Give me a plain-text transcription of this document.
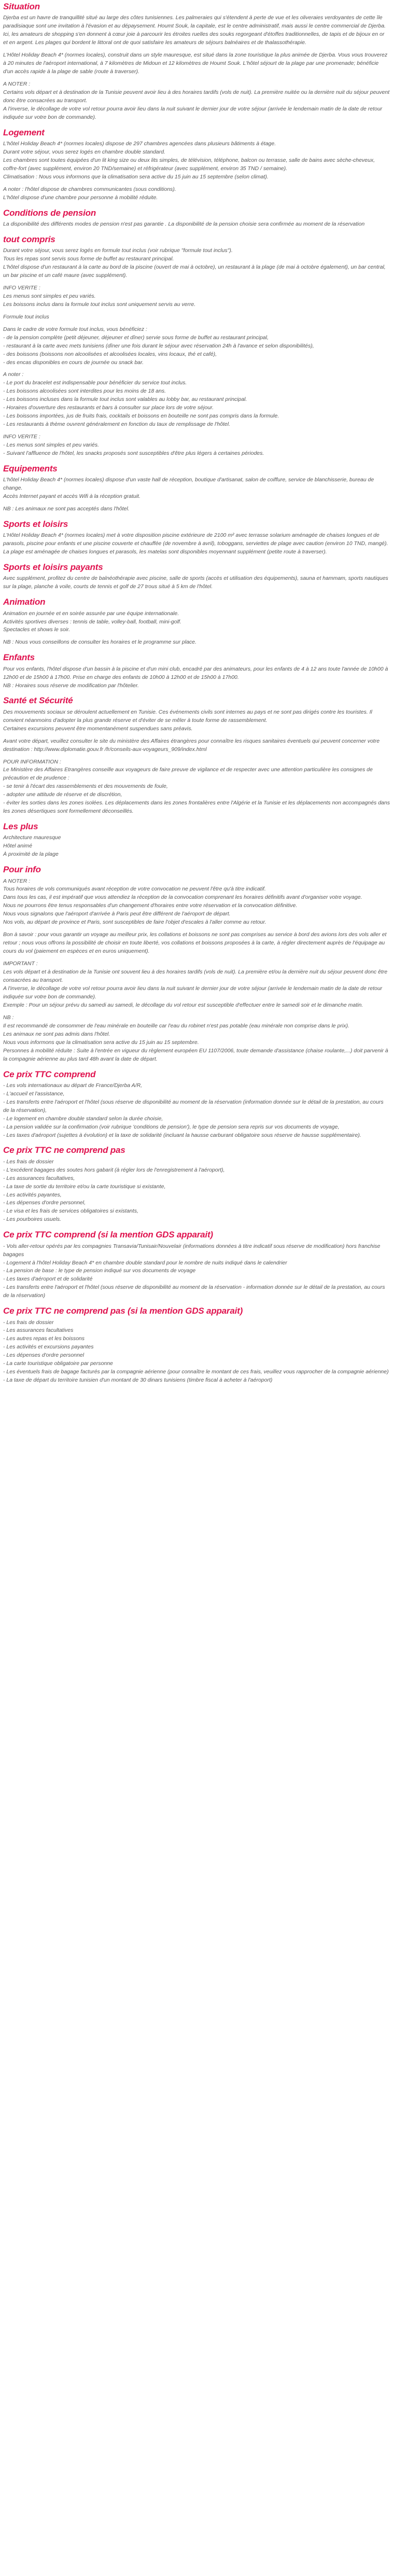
Situation

Djerba est un havre de tranquillité situé au large des côtes tunisiennes. Les palmeraies qui s'étendent à perte de vue et les oliveraies verdoyantes de cette île paradisiaque sont une invitation à l'évasion et au dépaysement. Houmt Souk, la capitale, est le centre administratif, mais aussi le centre commercial de Djerba. Ici, les amateurs de shopping s'en donnent à cœur joie à parcourir les étroites ruelles des souks regorgeant d'étoffes traditionnelles, de tapis et de bijoux en or et en argent. Les plages qui bordent le littoral ont de quoi satisfaire les amateurs de séjours balnéaires et de thalassothérapie.

L'Hôtel Holiday Beach 4* (normes locales), construit dans un style mauresque, est situé dans la zone touristique la plus animée de Djerba. Vous vous trouverez à 20 minutes de l'aéroport international, à 7 kilomètres de Midoun et 12 kilomètres de Houmt Souk. L'hôtel séjourt de la plage par une promenade; bénéficie d'un accès rapide à la plage de sable (route à traverser).

A NOTER :
Certains vols départ et à destination de la Tunisie peuvent avoir lieu à des horaires tardifs (vols de nuit). La première nuitée ou la dernière nuit du séjour peuvent donc être consacrées au transport.
A l'inverse, le décollage de votre vol retour pourra avoir lieu dans la nuit suivant le dernier jour de votre séjour (arrivée le lendemain matin de la date de retour indiquée sur votre bon de commande).

Logement

L'hôtel Holiday Beach 4* (normes locales) dispose de 297 chambres agencées dans plusieurs bâtiments à étage.
Durant votre séjour, vous serez logés en chambre double standard.
Les chambres sont toutes équipées d'un lit king size ou deux lits simples, de télévision, téléphone, balcon ou terrasse, salle de bains avec sèche-cheveux, coffre-fort (avec supplément, environ 20 TND/semaine) et réfrigérateur (avec supplément, environ 35 TND / semaine).
Climatisation : Nous vous informons que la climatisation sera active du 15 juin au 15 septembre (selon climat).

A noter : l'hôtel dispose de chambres communicantes (sous conditions).
L'hôtel dispose d'une chambre pour personne à mobilité réduite.

Conditions de pension

La disponibilité des différents modes de pension n'est pas garantie . La disponibilité de la pension choisie sera confirmée au moment de la réservation

tout compris

Durant votre séjour, vous serez logés en formule tout inclus (voir rubrique "formule tout inclus").
Tous les repas sont servis sous forme de buffet au restaurant principal.
L'hôtel dispose d'un restaurant à la carte au bord de la piscine (ouvert de mai à octobre), un restaurant à la plage (de mai à octobre également), un bar central, un bar piscine et un café maure (avec supplément).

INFO VERITE :
Les menus sont simples et peu variés.
Les boissons inclus dans la formule tout inclus sont uniquement servis au verre.

Formule tout inclus

Dans le cadre de votre formule tout inclus, vous bénéficiez :
- de la pension complète (petit déjeuner, déjeuner et dîner) servie sous forme de buffet au restaurant principal,
- restaurant à la carte avec mets tunisiens (dîner une fois durant le séjour avec réservation 24h à l'avance et selon disponibilités),
- des boissons (boissons non alcoolisées et alcoolisées locales, vins locaux, thé et café),
- des encas disponibles en cours de journée ou snack bar.

A noter :
- Le port du bracelet est indispensable pour bénéficier du service tout inclus.
- Les boissons alcoolisées sont interdites pour les moins de 18 ans.
- Les boissons incluses dans la formule tout inclus sont valables au lobby bar, au restaurant principal.
- Horaires d'ouverture des restaurants et bars à consulter sur place lors de votre séjour.
- Les boissons importées, jus de fruits frais, cocktails et boissons en bouteille ne sont pas compris dans la formule.
- Les restaurants à thème ouvrent généralement en fonction du taux de remplissage de l'hôtel.

INFO VERITE :
- Les menus sont simples et peu variés.
- Suivant l'affluence de l'hôtel, les snacks proposés sont susceptibles d'être plus légers à certaines périodes.

Equipements

L'hôtel Holiday Beach 4* (normes locales) dispose d'un vaste hall de réception, boutique d'artisanat, salon de coiffure, service de blanchisserie, bureau de change.
Accès Internet payant et accès Wifi à la réception gratuit.

NB : Les animaux ne sont pas acceptés dans l'hôtel.

Sports et loisirs

L'Hôtel Holiday Beach 4* (normes locales) met à votre disposition piscine extérieure de 2100 m² avec terrasse solarium aménagée de chaises longues et de parasols, piscine pour enfants et une piscine couverte et chauffée (de novembre à avril), toboggans, serviettes de plage avec caution (environ 10 TND, mangé).
La plage est aménagée de chaises longues et parasols, les matelas sont disponibles moyennant supplément (petite route à traverser).

Sports et loisirs payants

Avec supplément, profitez du centre de balnéothérapie avec piscine, salle de sports (accès et utilisation des équipements), sauna et hammam, sports nautiques sur la plage, planche à voile, courts de tennis et golf de 27 trous situé à 5 km de l'hôtel.

Animation

Animation en journée et en soirée assurée par une équipe internationale.
Activités sportives diverses : tennis de table, volley-ball, football, mini-golf.
Spectacles et shows le soir.

NB : Nous vous conseillons de consulter les horaires et le programme sur place.

Enfants

Pour vos enfants, l'hôtel dispose d'un bassin à la piscine et d'un mini club, encadré par des animateurs, pour les enfants de 4 à 12 ans toute l'année de 10h00 à 12h00 et de 15h00 à 17h00. Prise en charge des enfants de 10h00 à 12h00 et de 15h00 à 17h00.
NB : Horaires sous réserve de modification par l'hôtelier.

Santé et Sécurité

Des mouvements sociaux se déroulent actuellement en Tunisie. Ces événements civils sont internes au pays et ne sont pas dirigés contre les touristes. Il convient néanmoins d'adopter la plus grande réserve et d'éviter de se mêler à toute forme de rassemblement.
Certaines excursions peuvent être momentanément suspendues sans préavis.

Avant votre départ, veuillez consulter le site du ministère des Affaires étrangères pour connaître les risques sanitaires éventuels qui peuvent concerner votre destination : http://www.diplomatie.gouv.fr /fr/conseils-aux-voyageurs_909/index.html

POUR INFORMATION :
Le Ministère des Affaires Etrangères conseille aux voyageurs de faire preuve de vigilance et de respecter avec une attention particulière les consignes de précaution et de prudence :
- se tenir à l'écart des rassemblements et des mouvements de foule,
- adopter une attitude de réserve et de discrétion,
- éviter les sorties dans les zones isolées. Les déplacements dans les zones frontalières entre l'Algérie et la Tunisie et les déplacements non accompagnés dans les zones désertiques sont formellement déconseillés.

Les plus

Architecture mauresque
Hôtel animé
À proximité de la plage

Pour info

A NOTER :
Tous horaires de vols communiqués avant réception de votre convocation ne peuvent l'être qu'à titre indicatif.
Dans tous les cas, il est impératif que vous attendiez la réception de la convocation comprenant les horaires définitifs avant d'organiser votre voyage.
Nous ne pourrons être tenus responsables d'un changement d'horaires entre votre réservation et la convocation définitive.
Nous vous signalons que l'aéroport d'arrivée à Paris peut être différent de l'aéroport de départ.
Nos vols, au départ de province et Paris, sont susceptibles de faire l'objet d'escales à l'aller comme au retour.

Bon à savoir : pour vous garantir un voyage au meilleur prix, les collations et boissons ne sont pas comprises au service à bord des avions lors des vols aller et retour ; nous vous offrons la possibilité de choisir en toute liberté, vos collations et boissons proposées à la carte, à régler directement auprès de l'équipage au cours du vol (paiement en espèces et en euros uniquement).

IMPORTANT :
Les vols départ et à destination de la Tunisie ont souvent lieu à des horaires tardifs (vols de nuit). La première et/ou la dernière nuit du séjour peuvent donc être consacrées au transport.
A l'inverse, le décollage de votre vol retour pourra avoir lieu dans la nuit suivant le dernier jour de votre séjour (arrivée le lendemain matin de la date de retour indiquée sur votre bon de commande).
Exemple : Pour un séjour prévu du samedi au samedi, le décollage du vol retour est susceptible d'effectuer entre le samedi soir et le dimanche matin.

NB :
Il est recommandé de consommer de l'eau minérale en bouteille car l'eau du robinet n'est pas potable (eau minérale non comprise dans le prix).
Les animaux ne sont pas admis dans l'hôtel.
Nous vous informons que la climatisation sera active du 15 juin au 15 septembre.
Personnes à mobilité réduite : Suite à l'entrée en vigueur du règlement européen EU 1107/2006, toute demande d'assistance (chaise roulante,...) doit parvenir à la compagnie aérienne au plus tard 48h avant la date de départ.

Ce prix TTC comprend

- Les vols internationaux au départ de France/Djerba A/R,
- L'accueil et l'assistance,
- Les transferts entre l'aéroport et l'hôtel (sous réserve de disponibilité au moment de la réservation (information donnée sur le détail de la prestation, au cours de la réservation),
- Le logement en chambre double standard selon la durée choisie,
- La pension validée sur la confirmation (voir rubrique 'conditions de pension'), le type de pension sera repris sur vos documents de voyage,
- Les taxes d'aéroport (sujettes à évolution) et la taxe de solidarité (incluant la hausse carburant obligatoire sous réserve de hausse supplémentaire).

Ce prix TTC ne comprend pas

- Les frais de dossier
- L'excédent bagages des soutes hors gabarit (à régler lors de l'enregistrement à l'aéroport),
- Les assurances facultatives,
- La taxe de sortie du territoire et/ou la carte touristique si existante,
- Les activités payantes,
- Les dépenses d'ordre personnel,
- Le visa et les frais de services obligatoires si existants,
- Les pourboires usuels.

Ce prix TTC comprend (si la mention GDS apparait)

- Vols aller-retour opérés par les compagnies Transavia/Tunisair/Nouvelair (informations données à titre indicatif sous réserve de modification) hors franchise bagages
- Logement à l'hôtel Holiday Beach 4* en chambre double standard pour le nombre de nuits indiqué dans le calendrier
- La pension de base : le type de pension indiqué sur vos documents de voyage
- Les taxes d'aéroport et de solidarité
- Les transferts entre l'aéroport et l'hôtel (sous réserve de disponibilité au moment de la réservation - information donnée sur le détail de la prestation, au cours de la réservation)

Ce prix TTC ne comprend pas (si la mention GDS apparait)

- Les frais de dossier
- Les assurances facultatives
- Les autres repas et les boissons
- Les activités et excursions payantes
- Les dépenses d'ordre personnel
- La carte touristique obligatoire par personne
- Les éventuels frais de bagage facturés par la compagnie aérienne (pour connaître le montant de ces frais, veuillez vous rapprocher de la compagnie aérienne)
- La taxe de départ du territoire tunisien d'un montant de 30 dinars tunisiens (timbre fiscal à acheter à l'aéroport)
